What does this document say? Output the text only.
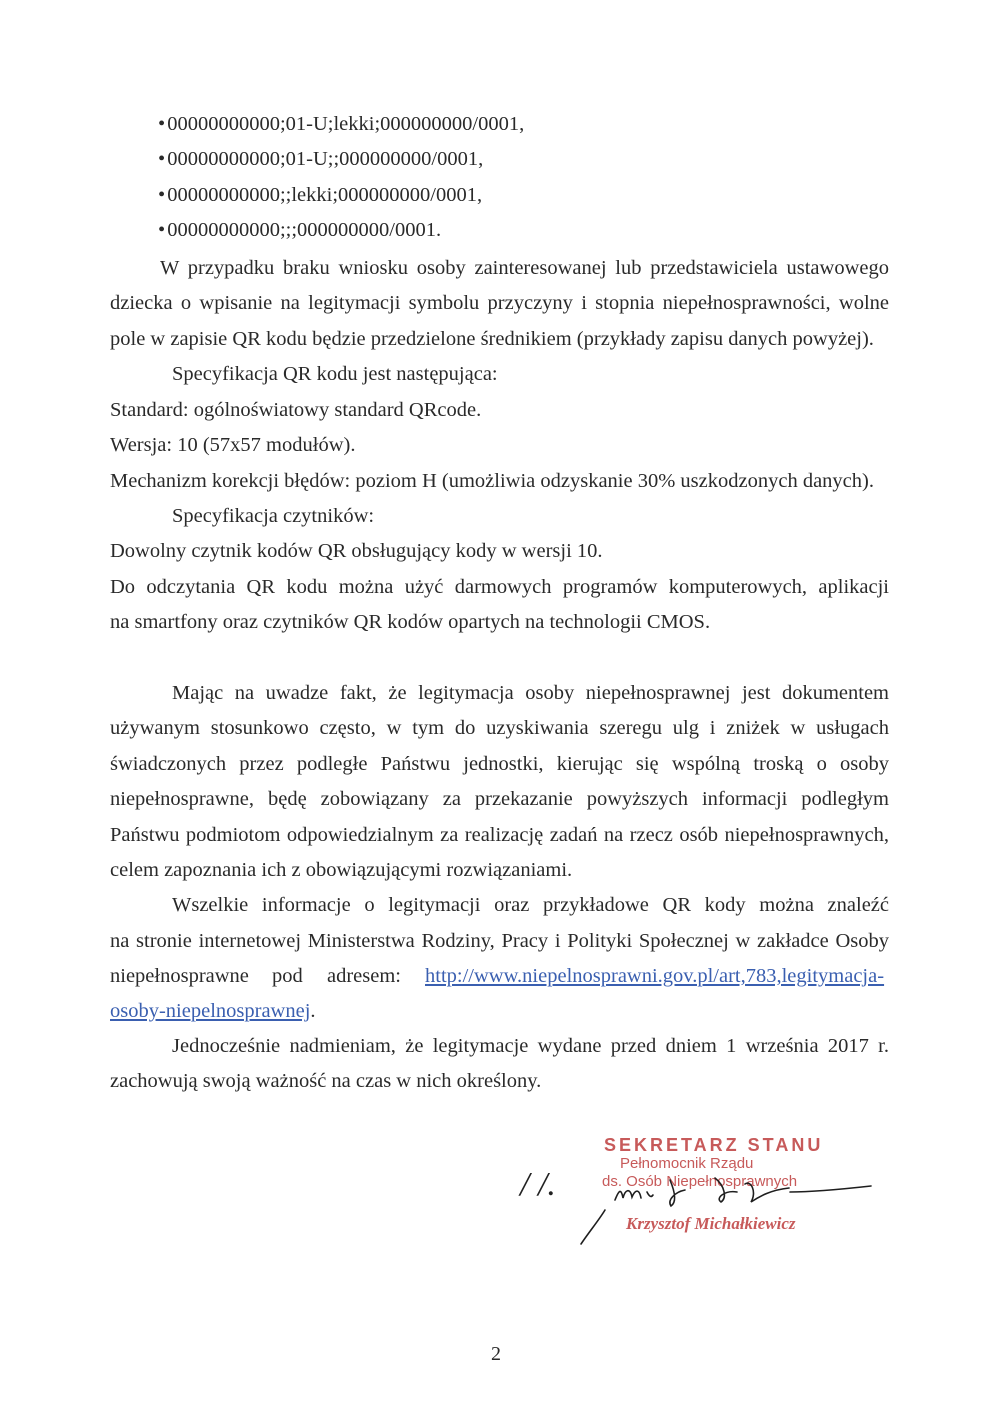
• 00000000000;01-U;lekki;000000000/0001,
• 00000000000;01-U;;000000000/0001,
• 00000000000;;lekki;000000000/0001,
• 00000000000;;;000000000/0001.
W przypadku braku wniosku osoby zainteresowanej lub przedstawiciela ustawowego
dziecka o wpisanie na legitymacji symbolu przyczyny i stopnia niepełnosprawności, wolne
pole w zapisie QR kodu będzie przedzielone średnikiem (przykłady zapisu danych powyżej).
Specyfikacja QR kodu jest następująca:
Standard: ogólnoświatowy standard QRcode.
Wersja: 10 (57x57 modułów).
Mechanizm korekcji błędów: poziom H (umożliwia odzyskanie 30% uszkodzonych danych).
Specyfikacja czytników:
Dowolny czytnik kodów QR obsługujący kody w wersji 10.
Do odczytania QR kodu można użyć darmowych programów komputerowych, aplikacji
na smartfony oraz czytników QR kodów opartych na technologii CMOS.
Mając na uwadze fakt, że legitymacja osoby niepełnosprawnej jest dokumentem
używanym stosunkowo często, w tym do uzyskiwania szeregu ulg i zniżek w usługach
świadczonych przez podległe Państwu jednostki, kierując się wspólną troską o osoby
niepełnosprawne, będę zobowiązany za przekazanie powyższych informacji podległym
Państwu podmiotom odpowiedzialnym za realizację zadań na rzecz osób niepełnosprawnych,
celem zapoznania ich z obowiązującymi rozwiązaniami.
Wszelkie informacje o legitymacji oraz przykładowe QR kody można znaleźć
na stronie internetowej Ministerstwa Rodziny, Pracy i Polityki Społecznej w zakładce Osoby
niepełnosprawne pod adresem: http://www.niepelnosprawni.gov.pl/art,783,legitymacja-
osoby-niepelnosprawnej.
Jednocześnie nadmieniam, że legitymacje wydane przed dniem 1 września 2017 r.
zachowują swoją ważność na czas w nich określony.
SEKRETARZ STANU
Pełnomocnik Rządu
ds. Osób Niepełnosprawnych
Krzysztof Michałkiewicz
/ /.
2
